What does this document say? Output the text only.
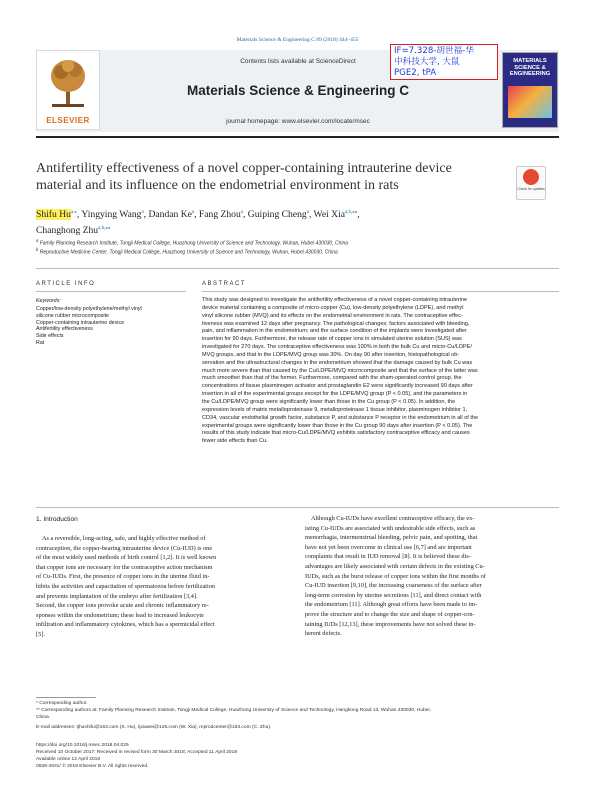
Materials Science & Engineering C 89 (2018) 444–455
ELSEVIER
Contents lists available at ScienceDirect
Materials Science & Engineering C
journal homepage: www.elsevier.com/locate/msec
MATERIALS SCIENCE & ENGINEERING
IF=7.328-胡世福-华
中科技大学, 大鼠
PGE2, tPA
Antifertility effectiveness of a novel copper-containing intrauterine device
material and its influence on the endometrial environment in rats	Check for updates
Shifu $Hu^{a,⁎}$, Yingying Wang$^a$, Dandan Ke$^a$, Fang Zhou$^a$, Guiping Cheng$^a$, Wei Xia$^{a,b,⁎⁎}$,
Changhong Zhu$^{a,b,⁎⁎}$
$^a$ Family Planning Research Institute, Tongji Medical College, Huazhong University of Science and Technology, Wuhan, Hubei 430030, China
$^b$ Reproductive Medicine Center, Tongji Medical College, Huazhong University of Science and Technology, Wuhan, Hubei 430030, China
ARTICLE INFO	ABSTRACT
Keywords:
Copper/low-density polyethylene/methyl vinyl
silicone rubber microcomposite
Copper-containing intrauterine device
Antifertility effectiveness
Side effects
Rat
This study was designed to investigate the antifertility effectiveness of a novel copper-containing intrauterine
device material containing a composite of micro-copper (Cu), low-density polyethylene (LDPE), and methyl
vinyl silicone rubber (MVQ) and its effects on the endometrial environment in rats. The contraceptive effec-
tiveness was examined 12 days after pregnancy. The pathological changes; factors associated with bleeding,
pain, and inflammation in the endometrium; and the surface condition of the implants were investigated after
insertion for 90 days. Furthermore, the release rate of copper ions in simulated uterine solution (SUS) was
investigated for 270 days. The contraceptive effectiveness was 100% in both the bulk Cu and micro-Cu/LDPE/
MVQ groups, and that in the LDPE/MVQ group was 30%. On day 90 after insertion, histopathological ob-
servation and the ultrastructural changes in the endometrium showed that the damage caused by bulk Cu was
much more severe than that caused by the Cu/LDPE/MVQ microcomposite and that the surface of the latter was
much smoother than that of the former. Furthermore, compared with the sham-operated control group, the
concentrations of tissue plasminogen activator and prostaglandin E2 were significantly increased 90 days after
insertion in all of the experimental groups except for the LDPE/MVQ group (P < 0.05), and the parameters in
the Cu/LDPE/MVQ group were significantly lower than those in the Cu group (P < 0.05). In addition, the
expression levels of matrix metalloproteinase 9, metalloproteinase 1 tissue inhibitor, plasminogen inhibitor 1,
CD34, vascular endothelial growth factor, substance P, and substance P receptor in the endometrium in all of the
experimental groups were significantly lower than those in the Cu group 90 days after insertion (P < 0.05). The
results of this study indicate that micro-Cu/LDPE/MVQ exhibits satisfactory contraceptive efficacy and causes
fewer side effects than Cu.
1. Introduction
As a reversible, long-acting, safe, and highly effective method of
contraception, the copper-bearing intrauterine device (Cu-IUD) is one
of the most widely used methods of birth control [1,2]. It is well known
that copper ions are necessary for the contraceptive action mechanism
of Cu-IUDs. First, the presence of copper ions in the uterine fluid in-
hibits the activities and capacitation of spermatozoa before fertilization
and prevents implantation of the embryo after fertilization [3,4].
Second, the copper ions provoke acute and chronic inflammatory re-
sponses within the endometrium; these lead to increased leukocyte
infiltration and inflammatory cytokines, which has a spermicidal effect
[5].
Although Cu-IUDs have excellent contraceptive efficacy, the ex-
isting Cu-IUDs are associated with undesirable side effects, such as
menorrhagia, intermenstrual bleeding, pelvic pain, and spotting, that
have not yet been overcome in clinical use [6,7] and are important
complaints that result in IUD removal [8]. It is believed these dis-
advantages are likely associated with certain defects in the existing Cu-
IUDs, such as the burst release of copper ions within the first months of
Cu-IUD insertion [9,10], the increasing coarseness of the surface after
long-term corrosion by uterine secretions [11], and direct contact with
the endometrium [11]. Although great efforts have been made to im-
prove the structure and to change the size and shape of copper-con-
taining IUDs [12,13], these improvements have not solved these in-
herent defects.
* Corresponding author.
** Corresponding authors at: Family Planning Research Institute, Tongji Medical College, Huazhong University of Science and Technology, Hangkong Road 13, Wuhan 430030, Hubei,
China.
E-mail addresses: tjhushifu@163.com (S. Hu), tjxiawei@126.com (W. Xia), reprodcenter@163.com (C. Zhu).
https://doi.org/10.1016/j.msec.2018.04.025
Received 10 October 2017; Received in revised form 30 March 2018; Accepted 11 April 2018
Available online 12 April 2018
0928-4931/ © 2018 Elsevier B.V. All rights reserved.
